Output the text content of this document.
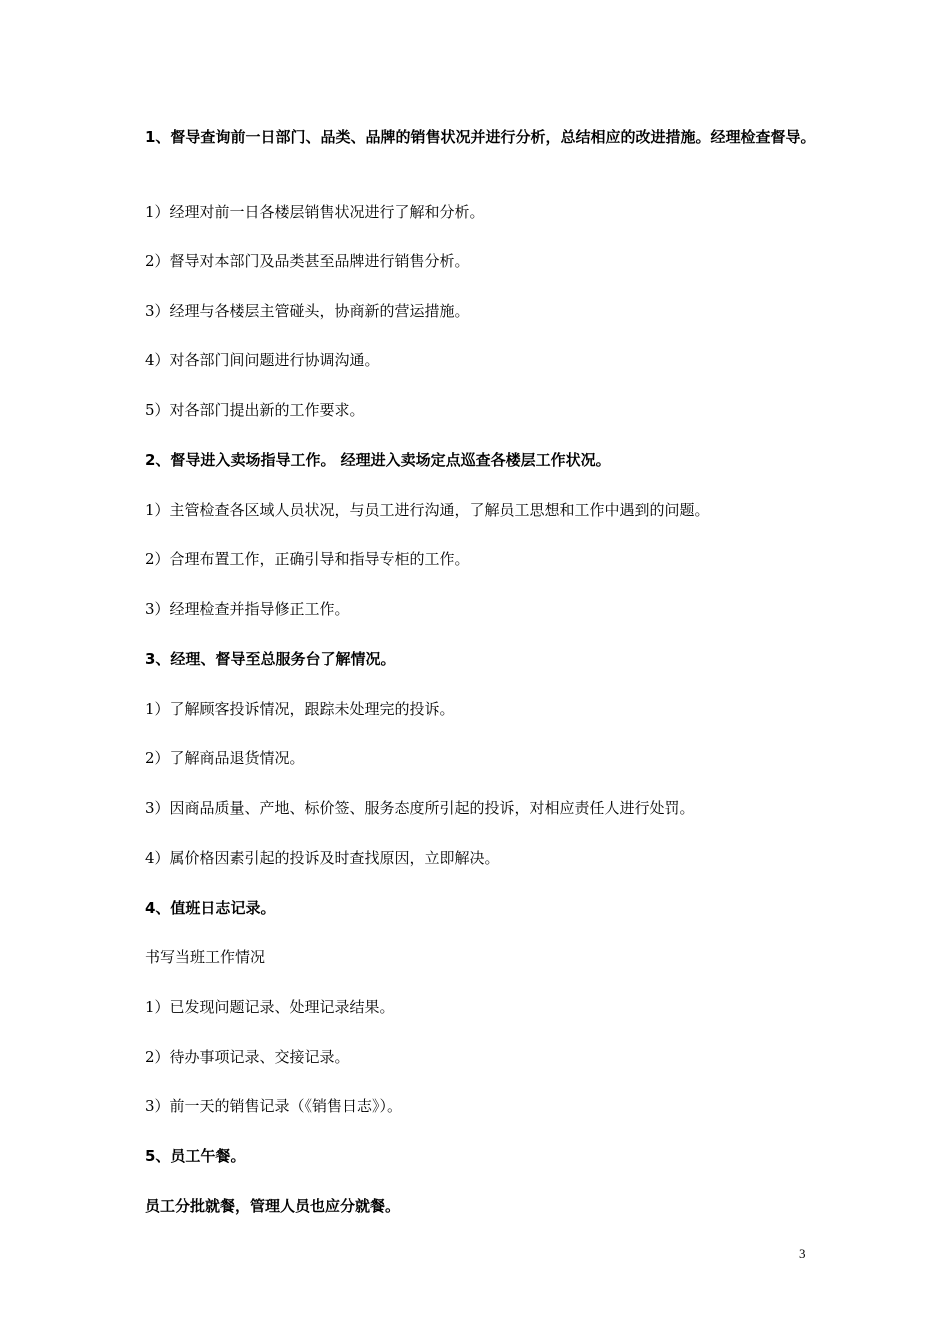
1、督导查询前一日部门、品类、品牌的销售状况并进行分析，总结相应的改进措施。经理检查督导。
1）经理对前一日各楼层销售状况进行了解和分析。
2）督导对本部门及品类甚至品牌进行销售分析。
3）经理与各楼层主管碰头，协商新的营运措施。
4）对各部门间问题进行协调沟通。
5）对各部门提出新的工作要求。
2、督导进入卖场指导工作。 经理进入卖场定点巡查各楼层工作状况。
1）主管检查各区域人员状况，与员工进行沟通，了解员工思想和工作中遇到的问题。
2）合理布置工作，正确引导和指导专柜的工作。
3）经理检查并指导修正工作。
3、经理、督导至总服务台了解情况。
1）了解顾客投诉情况，跟踪未处理完的投诉。
2）了解商品退货情况。
3）因商品质量、产地、标价签、服务态度所引起的投诉，对相应责任人进行处罚。
4）属价格因素引起的投诉及时查找原因，立即解决。
4、值班日志记录。
书写当班工作情况
1）已发现问题记录、处理记录结果。
2）待办事项记录、交接记录。
3）前一天的销售记录（《销售日志》）。
5、员工午餐。
员工分批就餐，管理人员也应分就餐。
3
